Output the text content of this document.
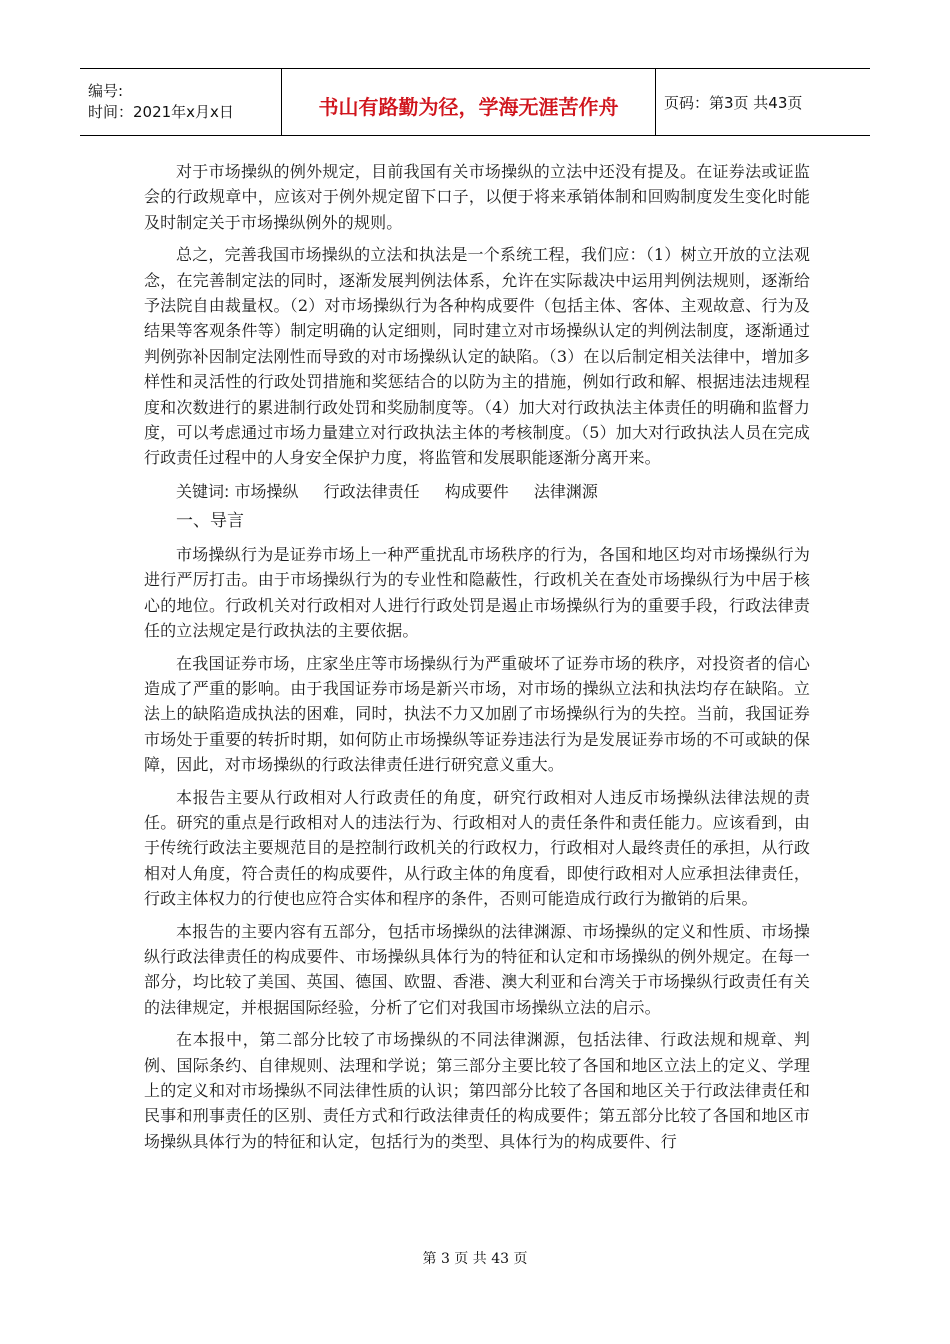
编号:
时间：2021年x月x日	书山有路勤为径，学海无涯苦作舟	页码：第3页 共43页

对于市场操纵的例外规定，目前我国有关市场操纵的立法中还没有提及。在证券法或证监会的行政规章中，应该对于例外规定留下口子，以便于将来承销体制和回购制度发生变化时能及时制定关于市场操纵例外的规则。

总之，完善我国市场操纵的立法和执法是一个系统工程，我们应：（1）树立开放的立法观念，在完善制定法的同时，逐渐发展判例法体系，允许在实际裁决中运用判例法规则，逐渐给予法院自由裁量权。（2）对市场操纵行为各种构成要件（包括主体、客体、主观故意、行为及结果等客观条件等）制定明确的认定细则，同时建立对市场操纵认定的判例法制度，逐渐通过判例弥补因制定法刚性而导致的对市场操纵认定的缺陷。（3）在以后制定相关法律中，增加多样性和灵活性的行政处罚措施和奖惩结合的以防为主的措施，例如行政和解、根据违法违规程度和次数进行的累进制行政处罚和奖励制度等。（4）加大对行政执法主体责任的明确和监督力度，可以考虑通过市场力量建立对行政执法主体的考核制度。（5）加大对行政执法人员在完成行政责任过程中的人身安全保护力度，将监管和发展职能逐渐分离开来。

关键词: 市场操纵 行政法律责任 构成要件 法律渊源
一、导言

市场操纵行为是证券市场上一种严重扰乱市场秩序的行为，各国和地区均对市场操纵行为进行严厉打击。由于市场操纵行为的专业性和隐蔽性，行政机关在查处市场操纵行为中居于核心的地位。行政机关对行政相对人进行行政处罚是遏止市场操纵行为的重要手段，行政法律责任的立法规定是行政执法的主要依据。

在我国证券市场，庄家坐庄等市场操纵行为严重破坏了证券市场的秩序，对投资者的信心造成了严重的影响。由于我国证券市场是新兴市场，对市场的操纵立法和执法均存在缺陷。立法上的缺陷造成执法的困难，同时，执法不力又加剧了市场操纵行为的失控。当前，我国证券市场处于重要的转折时期，如何防止市场操纵等证券违法行为是发展证券市场的不可或缺的保障，因此，对市场操纵的行政法律责任进行研究意义重大。

本报告主要从行政相对人行政责任的角度，研究行政相对人违反市场操纵法律法规的责任。研究的重点是行政相对人的违法行为、行政相对人的责任条件和责任能力。应该看到，由于传统行政法主要规范目的是控制行政机关的行政权力，行政相对人最终责任的承担，从行政相对人角度，符合责任的构成要件，从行政主体的角度看，即使行政相对人应承担法律责任，行政主体权力的行使也应符合实体和程序的条件，否则可能造成行政行为撤销的后果。

本报告的主要内容有五部分，包括市场操纵的法律渊源、市场操纵的定义和性质、市场操纵行政法律责任的构成要件、市场操纵具体行为的特征和认定和市场操纵的例外规定。在每一部分，均比较了美国、英国、德国、欧盟、香港、澳大利亚和台湾关于市场操纵行政责任有关的法律规定，并根据国际经验，分析了它们对我国市场操纵立法的启示。

在本报中，第二部分比较了市场操纵的不同法律渊源，包括法律、行政法规和规章、判例、国际条约、自律规则、法理和学说；第三部分主要比较了各国和地区立法上的定义、学理上的定义和对市场操纵不同法律性质的认识；第四部分比较了各国和地区关于行政法律责任和民事和刑事责任的区别、责任方式和行政法律责任的构成要件；第五部分比较了各国和地区市场操纵具体行为的特征和认定，包括行为的类型、具体行为的构成要件、行

第 3 页 共 43 页
